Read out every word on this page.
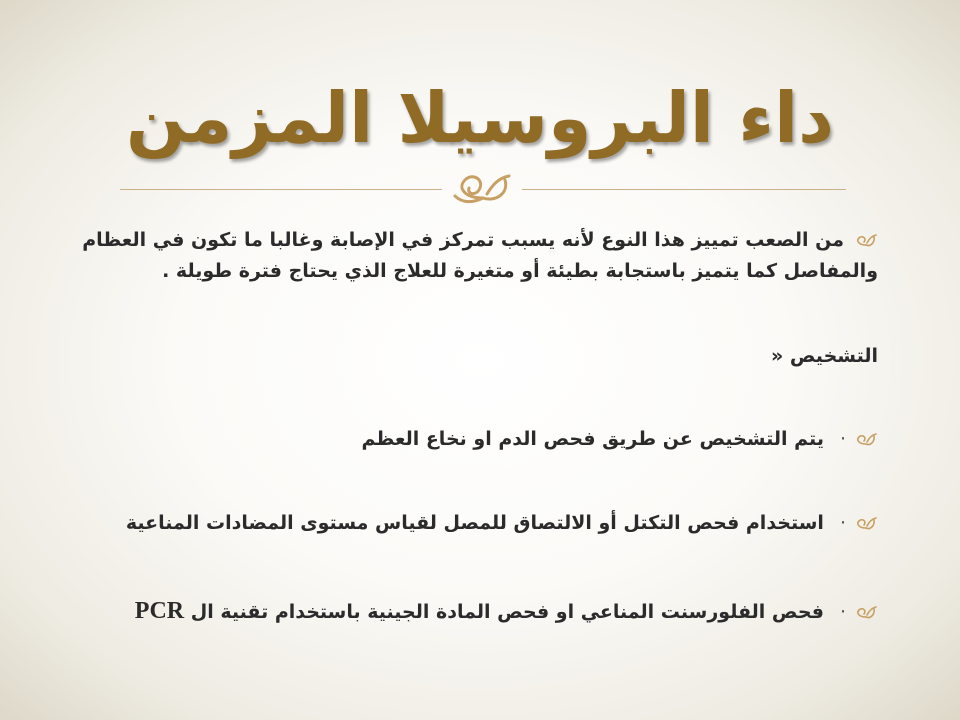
داء البروسيلا المزمن
من الصعب تمييز هذا النوع لأنه يسبب تمركز في الإصابة وغالبا ما تكون في العظام
والمفاصل كما يتميز باستجابة بطيئة أو متغيرة للعلاج الذي يحتاج فترة طويلة .
التشخيص «
·يتم التشخيص عن طريق فحص الدم او نخاع العظم
·استخدام فحص التكتل أو الالتصاق للمصل لقياس مستوى المضادات المناعية
·فحص الفلورسنت المناعي او فحص المادة الجينية باستخدام تقنية ال PCR
